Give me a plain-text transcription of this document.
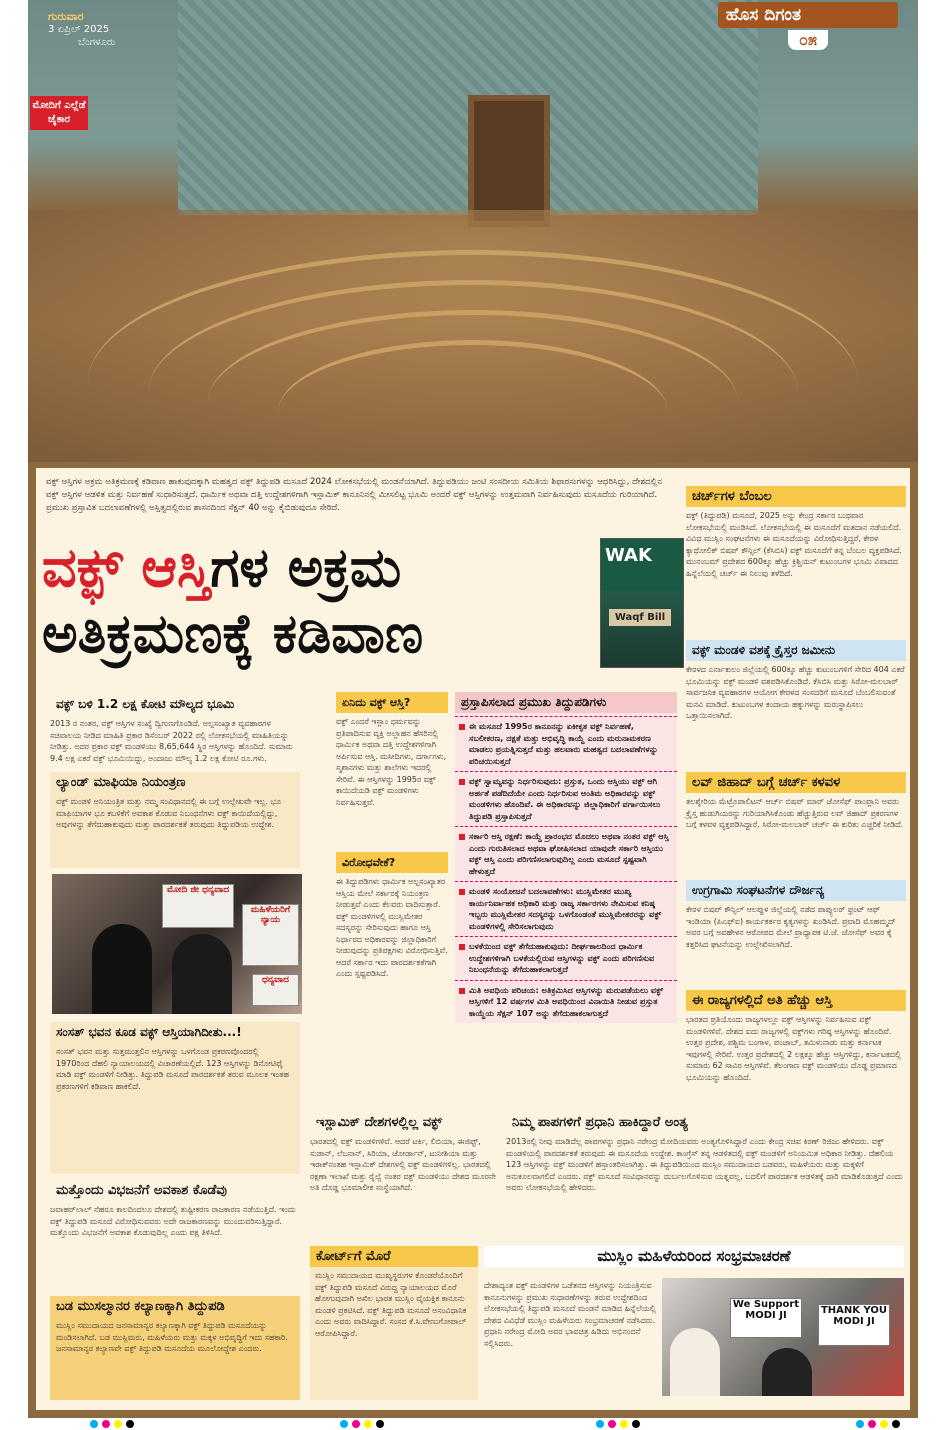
ಗುರುವಾರ
3 ಏಪ್ರಿಲ್ 2025
ಬೆಂಗಳೂರು
ಹೊಸ ದಿಗಂತ
೦೫
ಮೋದಿಗೆ ಎಲ್ಲೆಡೆ ಜೈಕಾರ
ವಕ್ಫ್ ಆಸ್ತಿಗಳ ಅಕ್ರಮ ಅತಿಕ್ರಮಣಕ್ಕೆ ಕಡಿವಾಣ ಹಾಕುವುದಕ್ಕಾಗಿ ಮಹತ್ವದ ವಕ್ಫ್ ತಿದ್ದುಪಡಿ ಮಸೂದೆ 2024 ಲೋಕಸಭೆಯಲ್ಲಿ ಮಂಡನೆಯಾಗಿದೆ. ತಿದ್ದುಪಡಿಯು ಜಂಟಿ ಸಂಸದೀಯ ಸಮಿತಿಯ ಶಿಫಾರಸುಗಳನ್ನು ಆಧರಿಸಿದ್ದು, ದೇಶದಲ್ಲಿನ ವಕ್ಫ್ ಆಸ್ತಿಗಳ ಆಡಳಿತ ಮತ್ತು ನಿರ್ವಹಣೆ ಸುಧಾರಿಸುತ್ತದೆ. ಧಾರ್ಮಿಕ ಅಥವಾ ದತ್ತಿ ಉದ್ದೇಶಗಳಿಗಾಗಿ ಇಸ್ಲಾಮಿಕ್ ಕಾನೂನಿನಲ್ಲಿ ಮೀಸಲಿಟ್ಟ ಭೂಮಿ ಅಂದರೆ ವಕ್ಫ್ ಆಸ್ತಿಗಳನ್ನು ಉತ್ತಮವಾಗಿ ನಿರ್ವಹಿಸುವುದು ಮಸೂದೆಯ ಗುರಿಯಾಗಿದೆ. ಪ್ರಮುಖ ಪ್ರಸ್ತಾವಿತ ಬದಲಾವಣೆಗಳಲ್ಲಿ ಅಸ್ತಿತ್ವದಲ್ಲಿರುವ ಶಾಸನದಿಂದ ಸೆಕ್ಷನ್ 40 ಅನ್ನು ಕೈಬಿಡುವುದೂ ಸೇರಿದೆ.
ವಕ್ಫ್ ಆಸ್ತಿಗಳ ಅಕ್ರಮ
ಅತಿಕ್ರಮಣಕ್ಕೆ ಕಡಿವಾಣ
WAK
Waqf Bill
ವಕ್ಫ್ ಬಳಿ 1.2 ಲಕ್ಷ ಕೋಟಿ ಮೌಲ್ಯದ ಭೂಮಿ
2013 ರ ನಂತರ, ವಕ್ಫ್ ಆಸ್ತಿಗಳ ಸಂಖ್ಯೆ ದ್ವಿಗುಣಗೊಂಡಿದೆ. ಅಲ್ಪಸಂಖ್ಯಾತ ವ್ಯವಹಾರಗಳ ಸಚಿವಾಲಯ ನೀಡಿದ ಮಾಹಿತಿ ಪ್ರಕಾರ ಡಿಸೆಂಬರ್ 2022 ರಲ್ಲಿ ಲೋಕಸಭೆಯಲ್ಲಿ ಮಾಹಿತಿಯನ್ನು ನೀಡಿತ್ತು. ಅದರ ಪ್ರಕಾರ ವಕ್ಫ್ ಮಂಡಳಿಯು 8,65,644 ಸ್ಥಿರ ಆಸ್ತಿಗಳನ್ನು ಹೊಂದಿದೆ. ಸುಮಾರು 9.4 ಲಕ್ಷ ಎಕರೆ ವಕ್ಫ್ ಭೂಮಿಯಿದ್ದು, ಅಂದಾಜು ಮೌಲ್ಯ 1.2 ಲಕ್ಷ ಕೋಟಿ ರೂ.ಗಳು.
ಲ್ಯಾಂಡ್ ಮಾಫಿಯಾ ನಿಯಂತ್ರಣ
ವಕ್ಫ್ ಮಂಡಳಿ ಅನಿಯಂತ್ರಿತ ಮತ್ತು ನಮ್ಮ ಸಂವಿಧಾನದಲ್ಲಿ ಈ ಬಗ್ಗೆ ಉಲ್ಲೇಖವೇ ಇಲ್ಲ. ಭೂ ಮಾಫಿಯಾಗಳ ಭೂ ಕಬಳಿಕೆಗೆ ಅವಕಾಶ ಕೊಡುವ ನಿಬಂಧನೆಗಳು ವಕ್ಫ್ ಕಾಯಿದೆಯಲ್ಲಿದ್ದು, ಅವುಗಳನ್ನು ತೆಗೆದುಹಾಕುವುದು ಮತ್ತು ಪಾರದರ್ಶಕತೆ ತರುವುದು ತಿದ್ದುಪಡಿಯ ಉದ್ದೇಶ.
ಮೋದಿ ಜೀ ಧನ್ಯವಾದ
ಮಹಿಳೆಯರಿಗೆ ನ್ಯಾಯ
ಧನ್ಯವಾದ
ಸಂಸತ್ ಭವನ ಕೂಡ ವಕ್ಫ್ ಆಸ್ತಿಯಾಗಿದೀತು...!
ಸಂಸತ್ ಭವನ ಮತ್ತು ಸುತ್ತಮುತ್ತಲಿನ ಆಸ್ತಿಗಳನ್ನು ಒಳಗೊಂಡ ಪ್ರಕರಣವೊಂದರಲ್ಲಿ 1970ರಿಂದ ದೆಹಲಿ ನ್ಯಾಯಾಲಯದಲ್ಲಿ ವಿಚಾರಣೆಯಲ್ಲಿದೆ. 123 ಆಸ್ತಿಗಳನ್ನು ಡಿನೋಟಿಫೈ ಮಾಡಿ ವಕ್ಫ್ ಮಂಡಳಿಗೆ ನೀಡಿತ್ತು. ತಿದ್ದುಪಡಿ ಮಸೂದೆ ಪಾರದರ್ಶಕತೆ ತರುವ ಮೂಲಕ ಇಂತಹ ಪ್ರಕರಣಗಳಿಗೆ ಕಡಿವಾಣ ಹಾಕಲಿದೆ.
ಮತ್ತೊಂದು ವಿಭಜನೆಗೆ ಅವಕಾಶ ಕೊಡೆವು
ಜವಾಹರ್‌ಲಾಲ್ ನೆಹರೂ ಕಾಲದಿಂದಲೂ ದೇಶದಲ್ಲಿ ತುಷ್ಟೀಕರಣ ರಾಜಕಾರಣ ನಡೆಯುತ್ತಿದೆ. ಇಂದು ವಕ್ಫ್ ತಿದ್ದುಪಡಿ ಮಸೂದೆ ವಿರೋಧಿಸುವವರು ಅದೇ ರಾಜಕಾರಣವನ್ನು ಮುಂದುವರಿಸುತ್ತಿದ್ದಾರೆ. ಮತ್ತೊಂದು ವಿಭಜನೆಗೆ ಅವಕಾಶ ಕೊಡುವುದಿಲ್ಲ ಎಂದು ಪಕ್ಷ ತಿಳಿಸಿದೆ.
ಬಡ ಮುಸಲ್ಮಾನರ ಕಲ್ಯಾಣಕ್ಕಾಗಿ ತಿದ್ದುಪಡಿ
ಮುಸ್ಲಿಂ ಸಮುದಾಯದ ಜನಸಾಮಾನ್ಯರ ಕಲ್ಯಾಣಕ್ಕಾಗಿ ವಕ್ಫ್ ತಿದ್ದುಪಡಿ ಮಸೂದೆಯನ್ನು ಮಂಡಿಸಲಾಗಿದೆ. ಬಡ ಮುಸ್ಲಿಮರು, ಮಹಿಳೆಯರು ಮತ್ತು ಮಕ್ಕಳ ಅಭಿವೃದ್ಧಿಗೆ ಇದು ಸಹಕಾರಿ. ಜನಸಾಮಾನ್ಯರ ಕಲ್ಯಾಣವೇ ವಕ್ಫ್ ತಿದ್ದುಪಡಿ ಮಸೂದೆಯ ಮೂಲೋದ್ದೇಶ ಎಂದರು.
ಏನಿದು ವಕ್ಫ್ ಆಸ್ತಿ?
ವಕ್ಫ್ ಎಂದರೆ ಇಸ್ಲಾಂ ಧರ್ಮವನ್ನು ಪ್ರತಿಪಾದಿಸುವ ವ್ಯಕ್ತಿ ಅಲ್ಲಾಹನ ಹೆಸರಿನಲ್ಲಿ ಧಾರ್ಮಿಕ ಅಥವಾ ದತ್ತಿ ಉದ್ದೇಶಗಳಿಗಾಗಿ ಅರ್ಪಿಸುವ ಆಸ್ತಿ. ಮಸೀದಿಗಳು, ದರ್ಗಾಗಳು, ಸ್ಮಶಾನಗಳು ಮತ್ತು ಶಾಲೆಗಳು ಇದರಲ್ಲಿ ಸೇರಿವೆ. ಈ ಆಸ್ತಿಗಳನ್ನು 1995ರ ವಕ್ಫ್ ಕಾಯಿದೆಯಡಿ ವಕ್ಫ್ ಮಂಡಳಿಗಳು ನಿರ್ವಹಿಸುತ್ತವೆ.
ವಿರೋಧವೇಕೆ?
ಈ ತಿದ್ದುಪಡಿಗಳು ಧಾರ್ಮಿಕ ಅಲ್ಪಸಂಖ್ಯಾತರ ಆಸ್ತಿಯ ಮೇಲೆ ಸರ್ಕಾರಕ್ಕೆ ನಿಯಂತ್ರಣ ನೀಡುತ್ತವೆ ಎಂದು ಕೆಲವರು ವಾದಿಸುತ್ತಾರೆ. ವಕ್ಫ್ ಮಂಡಳಿಗಳಲ್ಲಿ ಮುಸ್ಲಿಮೇತರ ಸದಸ್ಯರನ್ನು ಸೇರಿಸುವುದು ಹಾಗೂ ಆಸ್ತಿ ನಿರ್ಧಾರದ ಅಧಿಕಾರವನ್ನು ಜಿಲ್ಲಾಧಿಕಾರಿಗೆ ನೀಡುವುದನ್ನು ಪ್ರತಿಪಕ್ಷಗಳು ವಿರೋಧಿಸುತ್ತಿವೆ. ಆದರೆ ಸರ್ಕಾರ ಇದು ಪಾರದರ್ಶಕತೆಗಾಗಿ ಎಂದು ಸ್ಪಷ್ಟಪಡಿಸಿದೆ.
ಪ್ರಸ್ತಾಪಿಸಲಾದ ಪ್ರಮುಖ ತಿದ್ದುಪಡಿಗಳು
ಈ ಮಸೂದೆ 1995ರ ಕಾನೂನನ್ನು ಏಕೀಕೃತ ವಕ್ಫ್ ನಿರ್ವಹಣೆ, ಸಬಲೀಕರಣ, ದಕ್ಷತೆ ಮತ್ತು ಅಭಿವೃದ್ಧಿ ಕಾಯ್ದೆ ಎಂದು ಮರುನಾಮಕರಣ ಮಾಡಲು ಪ್ರಯತ್ನಿಸುತ್ತದೆ ಮತ್ತು ಹಲವಾರು ಮಹತ್ವದ ಬದಲಾವಣೆಗಳನ್ನು ಪರಿಚಯಿಸುತ್ತದೆ
ವಕ್ಫ್ ಸ್ವಾಮ್ಯವನ್ನು ನಿರ್ಧರಿಸುವುದು: ಪ್ರಸ್ತುತ, ಒಂದು ಆಸ್ತಿಯು ವಕ್ಫ್ ಆಗಿ ಅರ್ಹತೆ ಪಡೆದಿದೆಯೇ ಎಂದು ನಿರ್ಧರಿಸುವ ಅಂತಿಮ ಅಧಿಕಾರವನ್ನು ವಕ್ಫ್ ಮಂಡಳಿಗಳು ಹೊಂದಿವೆ. ಈ ಅಧಿಕಾರವನ್ನು ಜಿಲ್ಲಾಧಿಕಾರಿಗೆ ವರ್ಗಾಯಿಸಲು ತಿದ್ದುಪಡಿ ಪ್ರಸ್ತಾಪಿಸುತ್ತದೆ
ಸರ್ಕಾರಿ ಆಸ್ತಿ ರಕ್ಷಣೆ: ಕಾಯ್ದೆ ಪ್ರಾರಂಭದ ಮೊದಲು ಅಥವಾ ನಂತರ ವಕ್ಫ್ ಆಸ್ತಿ ಎಂದು ಗುರುತಿಸಲಾದ ಅಥವಾ ಘೋಷಿಸಲಾದ ಯಾವುದೇ ಸರ್ಕಾರಿ ಆಸ್ತಿಯು ವಕ್ಫ್ ಆಸ್ತಿ ಎಂದು ಪರಿಗಣಿಸಲಾಗುವುದಿಲ್ಲ ಎಂದು ಮಸೂದೆ ಸ್ಪಷ್ಟವಾಗಿ ಹೇಳುತ್ತದೆ
ಮಂಡಳಿ ಸಂಯೋಜನೆ ಬದಲಾವಣೆಗಳು: ಮುಸ್ಲಿಮೇತರ ಮುಖ್ಯ ಕಾರ್ಯನಿರ್ವಾಹಕ ಅಧಿಕಾರಿ ಮತ್ತು ರಾಜ್ಯ ಸರ್ಕಾರಗಳು ನೇಮಿಸುವ ಕನಿಷ್ಠ ಇಬ್ಬರು ಮುಸ್ಲಿಮೇತರ ಸದಸ್ಯರನ್ನು ಒಳಗೊಂಡಂತೆ ಮುಸ್ಲಿಮೇತರರನ್ನು ವಕ್ಫ್ ಮಂಡಳಿಗಳಲ್ಲಿ ಸೇರಿಸಲಾಗುವುದು
ಬಳಕೆಯಿಂದ ವಕ್ಫ್ ತೆಗೆದುಹಾಕುವುದು: ದೀರ್ಘಕಾಲದಿಂದ ಧಾರ್ಮಿಕ ಉದ್ದೇಶಗಳಿಗಾಗಿ ಬಳಕೆಯಲ್ಲಿರುವ ಆಸ್ತಿಗಳನ್ನು ವಕ್ಫ್ ಎಂದು ಪರಿಗಣಿಸುವ ನಿಬಂಧನೆಯನ್ನು ತೆಗೆದುಹಾಕಲಾಗುತ್ತದೆ
ಮಿತಿ ಅವಧಿಯ ಪರಿಚಯ: ಅತಿಕ್ರಮಿಸಿದ ಆಸ್ತಿಗಳನ್ನು ಮರುಪಡೆಯಲು ವಕ್ಫ್ ಆಸ್ತಿಗಳಿಗೆ 12 ವರ್ಷಗಳ ಮಿತಿ ಅವಧಿಯಿಂದ ವಿನಾಯಿತಿ ನೀಡುವ ಪ್ರಸ್ತುತ ಕಾಯ್ದೆಯ ಸೆಕ್ಷನ್ 107 ಅನ್ನು ತೆಗೆದುಹಾಕಲಾಗುತ್ತದೆ
ಇಸ್ಲಾಮಿಕ್ ದೇಶಗಳಲ್ಲಿಲ್ಲ ವಕ್ಫ್
ಭಾರತದಲ್ಲಿ ವಕ್ಫ್ ಮಂಡಳಿಗಳಿವೆ. ಆದರೆ ಟರ್ಕಿ, ಲಿಬಿಯಾ, ಈಜಿಪ್ಟ್, ಸುಡಾನ್, ಲೆಬನಾನ್, ಸಿರಿಯಾ, ಜೋರ್ಡಾನ್, ಟುನೀಶಿಯಾ ಮತ್ತು ಇರಾಕ್‌ನಂತಹ ಇಸ್ಲಾಮಿಕ್ ದೇಶಗಳಲ್ಲಿ ವಕ್ಫ್ ಮಂಡಳಿಗಳಿಲ್ಲ. ಭಾರತದಲ್ಲಿ ರಕ್ಷಣಾ ಇಲಾಖೆ ಮತ್ತು ರೈಲ್ವೆ ನಂತರ ವಕ್ಫ್ ಮಂಡಳಿಯು ದೇಶದ ಮೂರನೇ ಅತಿ ದೊಡ್ಡ ಭೂಮಾಲೀಕ ಸಂಸ್ಥೆಯಾಗಿದೆ.
ಕೋರ್ಟ್‌ಗೆ ಮೊರೆ
ಮುಸ್ಲಿಂ ಸಮುದಾಯದ ಮುಖ್ಯಸ್ಥರುಗಳ ಕೊಂಡರೆಯೊಂದಿಗೆ ವಕ್ಫ್ ತಿದ್ದುಪಡಿ ಮಸೂದೆ ವಿರುದ್ಧ ನ್ಯಾಯಾಲಯದ ಮೊರೆ ಹೋಗುವುದಾಗಿ ಅಖಿಲ ಭಾರತ ಮುಸ್ಲಿಂ ವೈಯಕ್ತಿಕ ಕಾನೂನು ಮಂಡಳಿ ಪ್ರಕಟಿಸಿದೆ. ವಕ್ಫ್ ತಿದ್ದುಪಡಿ ಮಸೂದೆ ಅಸಂವಿಧಾನಿಕ ಎಂದು ಅವರು ವಾದಿಸಿದ್ದಾರೆ. ಸಂಸದ ಕೆ.ಸಿ.ವೇಣುಗೋಪಾಲ್ ಆರೋಪಿಸಿದ್ದಾರೆ.
ನಿಮ್ಮ ಪಾಪಗಳಿಗೆ ಪ್ರಧಾನಿ ಹಾಕಿದ್ದಾರೆ ಅಂತ್ಯ
2013ರಲ್ಲಿ ನೀವು ಮಾಡಿದೆಲ್ಲ ಪಾಪಗಳನ್ನು ಪ್ರಧಾನಿ ನರೇಂದ್ರ ಮೋದಿಯವರು ಅಂತ್ಯಗೊಳಿಸಿದ್ದಾರೆ ಎಂದು ಕೇಂದ್ರ ಸಚಿವ ಕಿರಣ್ ರಿಜಿಜು ಹೇಳಿದರು. ವಕ್ಫ್ ಮಂಡಳಿಯಲ್ಲಿ ಪಾರದರ್ಶಕತೆ ತರುವುದು ಈ ಮಸೂದೆಯ ಉದ್ದೇಶ. ಕಾಂಗ್ರೆಸ್ ತನ್ನ ಆಡಳಿತದಲ್ಲಿ ವಕ್ಫ್ ಮಂಡಳಿಗೆ ಅನಿಯಮಿತ ಅಧಿಕಾರ ನೀಡಿತ್ತು. ದೆಹಲಿಯ 123 ಆಸ್ತಿಗಳನ್ನು ವಕ್ಫ್ ಮಂಡಳಿಗೆ ಹಸ್ತಾಂತರಿಸಲಾಗಿತ್ತು. ಈ ತಿದ್ದುಪಡಿಯಿಂದ ಮುಸ್ಲಿಂ ಸಮುದಾಯದ ಬಡವರು, ಮಹಿಳೆಯರು ಮತ್ತು ಮಕ್ಕಳಿಗೆ ಅನುಕೂಲವಾಗಲಿದೆ ಎಂದರು. ವಕ್ಫ್ ಮಸೂದೆ ಸಂವಿಧಾನವನ್ನು ದುರ್ಬಲಗೊಳಿಸುವ ಯತ್ನವಲ್ಲ, ಬದಲಿಗೆ ಪಾರದರ್ಶಕ ಆಡಳಿತಕ್ಕೆ ದಾರಿ ಮಾಡಿಕೊಡುತ್ತದೆ ಎಂದು ಅವರು ಲೋಕಸಭೆಯಲ್ಲಿ ಹೇಳಿದರು.
ಮುಸ್ಲಿಂ ಮಹಿಳೆಯರಿಂದ ಸಂಭ್ರಮಾಚರಣೆ
ದೇಶಾದ್ಯಂತ ವಕ್ಫ್ ಮಂಡಳಿಗಳ ಒಡೆತನದ ಆಸ್ತಿಗಳನ್ನು ನಿಯಂತ್ರಿಸುವ ಕಾನೂನುಗಳನ್ನು ಪ್ರಮುಖ ಸುಧಾರಣೆಗಳನ್ನು ತರುವ ಉದ್ದೇಶದಿಂದ ಲೋಕಸಭೆಯಲ್ಲಿ ತಿದ್ದುಪಡಿ ಮಸೂದೆ ಮಂಡನೆ ಮಾಡಿದ ಹಿನ್ನೆಲೆಯಲ್ಲಿ ದೇಶದ ವಿವಿಧೆಡೆ ಮುಸ್ಲಿಂ ಮಹಿಳೆಯರು ಸಂಭ್ರಮಾಚರಣೆ ನಡೆಸಿದರು. ಪ್ರಧಾನಿ ನರೇಂದ್ರ ಮೋದಿ ಅವರ ಭಾವಚಿತ್ರ ಹಿಡಿದು ಅಭಿನಂದನೆ ಸಲ್ಲಿಸಿದರು.
We Support MODI JI	THANK YOU MODI JI
ಚರ್ಚ್‌ಗಳ ಬೆಂಬಲ
ವಕ್ಫ್ (ತಿದ್ದುಪಡಿ) ಮಸೂದೆ, 2025 ಅನ್ನು ಕೇಂದ್ರ ಸರ್ಕಾರ ಬುಧವಾರ ಲೋಕಸಭೆಯಲ್ಲಿ ಮಂಡಿಸಿದೆ. ಲೋಕಸಭೆಯಲ್ಲಿ ಈ ಮಸೂದೆಗೆ ಮತದಾನ ನಡೆಯಲಿದೆ. ವಿವಿಧ ಮುಸ್ಲಿಂ ಸಂಘಟನೆಗಳು ಈ ಮಸೂದೆಯನ್ನು ವಿರೋಧಿಸುತ್ತಿದ್ದರೆ, ಕೇರಳ ಕ್ಯಾಥೋಲಿಕ್ ಬಿಷಪ್ ಕೌನ್ಸಿಲ್ (ಕೆಸಿಬಿಸಿ) ವಕ್ಫ್ ಮಸೂದೆಗೆ ತನ್ನ ಬೆಂಬಲ ವ್ಯಕ್ತಪಡಿಸಿದೆ. ಮುನಂಬಮ್ ಪ್ರದೇಶದ 600ಕ್ಕೂ ಹೆಚ್ಚು ಕ್ರಿಶ್ಚಿಯನ್ ಕುಟುಂಬಗಳ ಭೂಮಿ ವಿವಾದದ ಹಿನ್ನೆಲೆಯಲ್ಲಿ ಚರ್ಚ್ ಈ ನಿಲುವು ತಳೆದಿದೆ.
ವಕ್ಫ್ ಮಂಡಳಿ ವಶಕ್ಕೆ ಕ್ರೈಸ್ತರ ಜಮೀನು
ಕೇರಳದ ಎರ್ನಾಕುಲಂ ಜಿಲ್ಲೆಯಲ್ಲಿ 600ಕ್ಕೂ ಹೆಚ್ಚು ಕುಟುಂಬಗಳಿಗೆ ಸೇರಿದ 404 ಎಕರೆ ಭೂಮಿಯನ್ನು ವಕ್ಫ್ ಮಂಡಳಿ ವಶಪಡಿಸಿಕೊಂಡಿದೆ. ಕೆಸಿಬಿಸಿ ಮತ್ತು ಸಿರೋ-ಮಲಬಾರ್ ಸಾರ್ವಜನಿಕ ವ್ಯವಹಾರಗಳ ಆಯೋಗ ಕೇರಳದ ಸಂಸದರಿಗೆ ಮಸೂದೆ ಬೆಂಬಲಿಸುವಂತೆ ಮನವಿ ಮಾಡಿದೆ. ಕುಟುಂಬಗಳ ಕಂದಾಯ ಹಕ್ಕುಗಳನ್ನು ಮರುಸ್ಥಾಪಿಸಲು ಒತ್ತಾಯಿಸಲಾಗಿದೆ.
ಲವ್ ಜಿಹಾದ್ ಬಗ್ಗೆ ಚರ್ಚ್ ಕಳವಳ
ತಲಶ್ಶೇರಿಯ ಮೆಟ್ರೊಪಾಲಿಟನ್ ಆರ್ಚ್ ಬಿಷಪ್ ಮಾರ್ ಜೋಸೆಫ್ ಪಾಂಪ್ಲಾನಿ ಅವರು ಕ್ರೈಸ್ತ ಹುಡುಗಿಯರನ್ನು ಗುರಿಯಾಗಿಸಿಕೊಂಡು ಹೆಚ್ಚುತ್ತಿರುವ ಲವ್ ಜಿಹಾದ್ ಪ್ರಕರಣಗಳ ಬಗ್ಗೆ ಕಳವಳ ವ್ಯಕ್ತಪಡಿಸಿದ್ದಾರೆ. ಸಿರೋ-ಮಲಬಾರ್ ಚರ್ಚ್ ಈ ಕುರಿತು ಎಚ್ಚರಿಕೆ ನೀಡಿದೆ.
ಉಗ್ರಗಾಮಿ ಸಂಘಟನೆಗಳ ದೌರ್ಜನ್ಯ
ಕೇರಳ ಬಿಷಪ್ ಕೌನ್ಸಿಲ್ ಆಲಪ್ಪುಳ ಜಿಲ್ಲೆಯಲ್ಲಿ ನಡೆದ ಪಾಪ್ಯುಲರ್ ಫ್ರಂಟ್ ಆಫ್ ಇಂಡಿಯಾ (ಪಿಎಫ್‌ಐ) ಕಾರ್ಯಕರ್ತರ ಕೃತ್ಯಗಳನ್ನು ಖಂಡಿಸಿದೆ. ಪ್ರವಾದಿ ಮೊಹಮ್ಮದ್ ಅವರ ಬಗ್ಗೆ ಅವಹೇಳನ ಆರೋಪದ ಮೇಲೆ ಪ್ರಾಧ್ಯಾಪಕ ಟಿ.ಜೆ. ಜೋಸೆಫ್ ಅವರ ಕೈ ಕತ್ತರಿಸಿದ ಘಟನೆಯನ್ನು ಉಲ್ಲೇಖಿಸಲಾಗಿದೆ.
ಈ ರಾಜ್ಯಗಳಲ್ಲಿದೆ ಅತಿ ಹೆಚ್ಚು ಆಸ್ತಿ
ಭಾರತದ ಪ್ರತಿಯೊಂದು ರಾಜ್ಯಗಳಲ್ಲೂ ವಕ್ಫ್ ಆಸ್ತಿಗಳನ್ನು ನಿರ್ವಹಿಸುವ ವಕ್ಫ್ ಮಂಡಳಿಗಳಿವೆ. ದೇಶದ ಐದು ರಾಜ್ಯಗಳಲ್ಲಿ ವಕ್ಫ್‌ಗಳು ಗರಿಷ್ಠ ಆಸ್ತಿಗಳನ್ನು ಹೊಂದಿವೆ. ಉತ್ತರ ಪ್ರದೇಶ, ಪಶ್ಚಿಮ ಬಂಗಾಳ, ಪಂಜಾಬ್, ತಮಿಳುನಾಡು ಮತ್ತು ಕರ್ನಾಟಕ ಇವುಗಳಲ್ಲಿ ಸೇರಿವೆ. ಉತ್ತರ ಪ್ರದೇಶದಲ್ಲಿ 2 ಲಕ್ಷಕ್ಕೂ ಹೆಚ್ಚು ಆಸ್ತಿಗಳಿದ್ದು, ಕರ್ನಾಟಕದಲ್ಲಿ ಸುಮಾರು 62 ಸಾವಿರ ಆಸ್ತಿಗಳಿವೆ. ತೆಲಂಗಾಣ ವಕ್ಫ್ ಮಂಡಳಿಯು ದೊಡ್ಡ ಪ್ರಮಾಣದ ಭೂಮಿಯನ್ನು ಹೊಂದಿದೆ.
